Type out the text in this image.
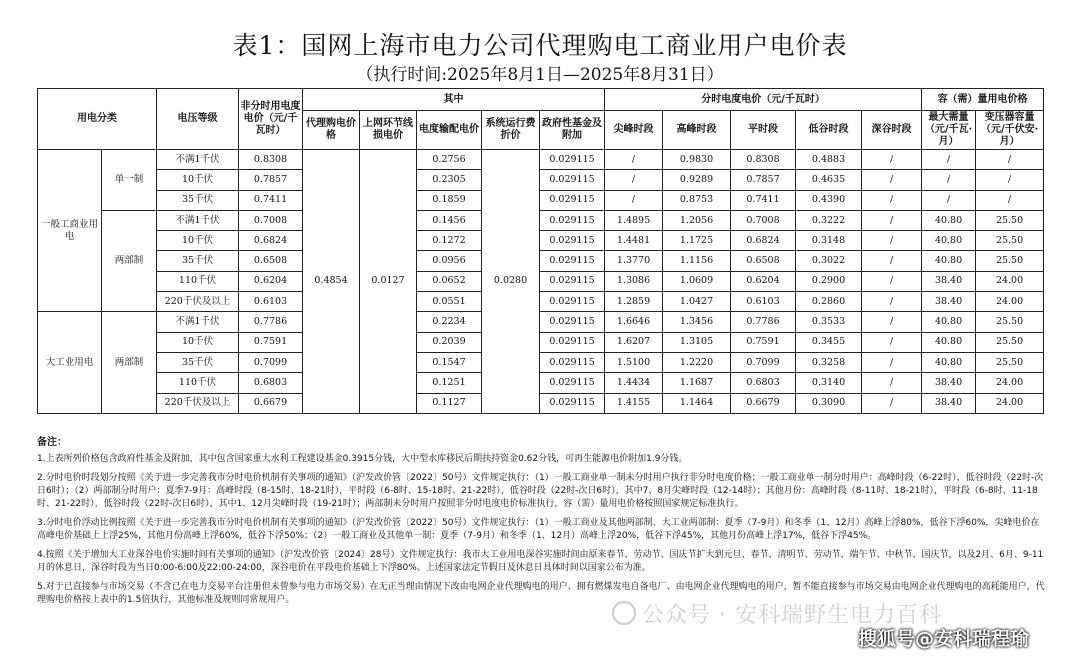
表1：国网上海市电力公司代理购电工商业用户电价表
（执行时间:2025年8月1日—2025年8月31日）
用电分类		电压等级	非分时用电度电价（元/千瓦时）	其中					分时电度电价（元/千瓦时）					容（需）量用电价格	
				代理购电价格	上网环节线损电价	电度输配电价	系统运行费折价	政府性基金及附加	尖峰时段	高峰时段	平时段	低谷时段	深谷时段	最大需量（元/千瓦·月）	变压器容量（元/千伏安·月）
一般工商业用电	单一制	不满1千伏	0.8308	0.4854	0.0127	0.2756	0.0280	0.029115	/	0.9830	0.8308	0.4883	/	/	/
		10千伏	0.7857			0.2305		0.029115	/	0.9289	0.7857	0.4635	/	/	/
		35千伏	0.7411			0.1859		0.029115	/	0.8753	0.7411	0.4390	/	/	/
	两部制	不满1千伏	0.7008			0.1456		0.029115	1.4895	1.2056	0.7008	0.3222	/	40.80	25.50
		10千伏	0.6824			0.1272		0.029115	1.4481	1.1725	0.6824	0.3148	/	40.80	25.50
		35千伏	0.6508			0.0956		0.029115	1.3770	1.1156	0.6508	0.3022	/	40.80	25.50
		110千伏	0.6204			0.0652		0.029115	1.3086	1.0609	0.6204	0.2900	/	38.40	24.00
		220千伏及以上	0.6103			0.0551		0.029115	1.2859	1.0427	0.6103	0.2860	/	38.40	24.00
大工业用电	两部制	不满1千伏	0.7786			0.2234		0.029115	1.6646	1.3456	0.7786	0.3533	/	40.80	25.50
		10千伏	0.7591			0.2039		0.029115	1.6207	1.3105	0.7591	0.3455	/	40.80	25.50
		35千伏	0.7099			0.1547		0.029115	1.5100	1.2220	0.7099	0.3258	/	40.80	25.50
		110千伏	0.6803			0.1251		0.029115	1.4434	1.1687	0.6803	0.3140	/	38.40	24.00
		220千伏及以上	0.6679			0.1127		0.029115	1.4155	1.1464	0.6679	0.3090	/	38.40	24.00
备注：

1.上表所列价格包含政府性基金及附加，其中包含国家重大水利工程建设基金0.3915分钱，大中型水库移民后期扶持资金0.62分钱，可再生能源电价附加1.9分钱。

2.分时电价时段划分按照《关于进一步完善我市分时电价机制有关事项的通知》（沪发改价管〔2022〕50号）文件规定执行：（1）一般工商业单一制未分时用户执行非分时电度价格；一般工商业单一制分时用户：高峰时段（6-22时），低谷时段（22时-次日6时）；（2）两部制分时用户：夏季7-9月：高峰时段（8-15时、18-21时），平时段（6-8时、15-18时、21-22时），低谷时段（22时-次日6时），其中7、8月尖峰时段（12-14时）；其他月份：高峰时段（8-11时、18-21时），平时段（6-8时、11-18时、21-22时），低谷时段（22时-次日6时），其中1、12月尖峰时段（19-21时）；两部制未分时用户按照非分时电度电价标准执行，容（需）量用电价格按照国家规定标准执行。

3.分时电价浮动比例按照《关于进一步完善我市分时电价机制有关事项的通知》（沪发改价管〔2022〕50号）文件规定执行：（1）一般工商业及其他两部制、大工业两部制：夏季（7-9月）和冬季（1、12月）高峰上浮80%，低谷下浮60%，尖峰电价在高峰电价基础上上浮25%，其他月份高峰上浮60%，低谷下浮50%；（2）一般工商业及其他单一制：夏季（7-9月）和冬季（1、12月）高峰上浮20%，低谷下浮45%，其他月份高峰上浮17%，低谷下浮45%。

4.按照《关于增加大工业深谷电价实施时间有关事项的通知》（沪发改价管〔2024〕28号）文件规定执行：我市大工业用电深谷实施时间由原来春节、劳动节、国庆节扩大到元旦、春节、清明节、劳动节、端午节、中秋节、国庆节，以及2月、6月、9-11月的休息日，深谷时段为当日0:00-6:00及22:00-24:00，深谷电价在平段电价基础上下浮80%。上述国家法定节假日及休息日具体时间以国家公布为准。

5.对于已直接参与市场交易（不含已在电力交易平台注册但未曾参与电力市场交易）在无正当理由情况下改由电网企业代理购电的用户、拥有燃煤发电自备电厂、由电网企业代理购电的用户，暂不能直接参与市场交易由电网企业代理购电的高耗能用户，代理购电价格按上表中的1.5倍执行，其他标准及规则同常规用户。

公众号 · 安科瑞野生电力百科
搜狐号@安科瑞程瑜
